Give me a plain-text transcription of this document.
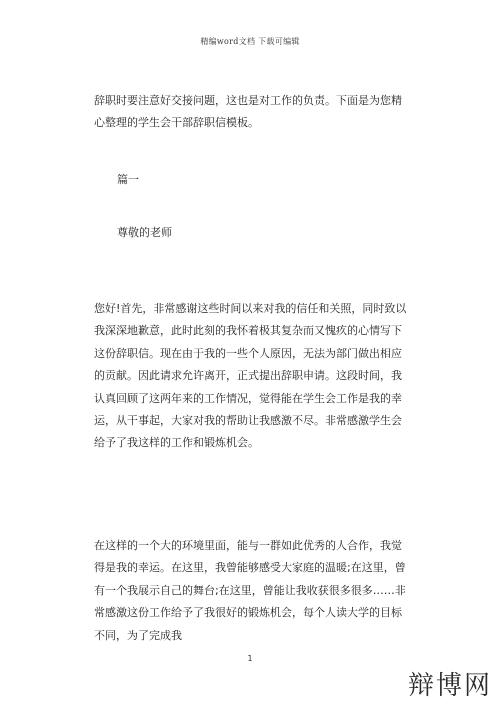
精编word文档 下载可编辑

辞职时要注意好交接问题，这也是对工作的负责。下面是为您精心整理的学生会干部辞职信模板。

篇一
尊敬的老师

您好!首先，非常感谢这些时间以来对我的信任和关照，同时致以我深深地歉意，此时此刻的我怀着极其复杂而又愧疚的心情写下这份辞职信。现在由于我的一些个人原因，无法为部门做出相应的贡献。因此请求允许离开，正式提出辞职申请。这段时间，我认真回顾了这两年来的工作情况，觉得能在学生会工作是我的幸运，从干事起，大家对我的帮助让我感激不尽。非常感激学生会给予了我这样的工作和锻炼机会。

在这样的一个大的环境里面，能与一群如此优秀的人合作，我觉得是我的幸运。在这里，我曾能够感受大家庭的温暖;在这里，曾有一个我展示自己的舞台;在这里，曾能让我收获很多很多……非常感激这份工作给予了我很好的锻炼机会，每个人读大学的目标不同，为了完成我

1
辩博网
